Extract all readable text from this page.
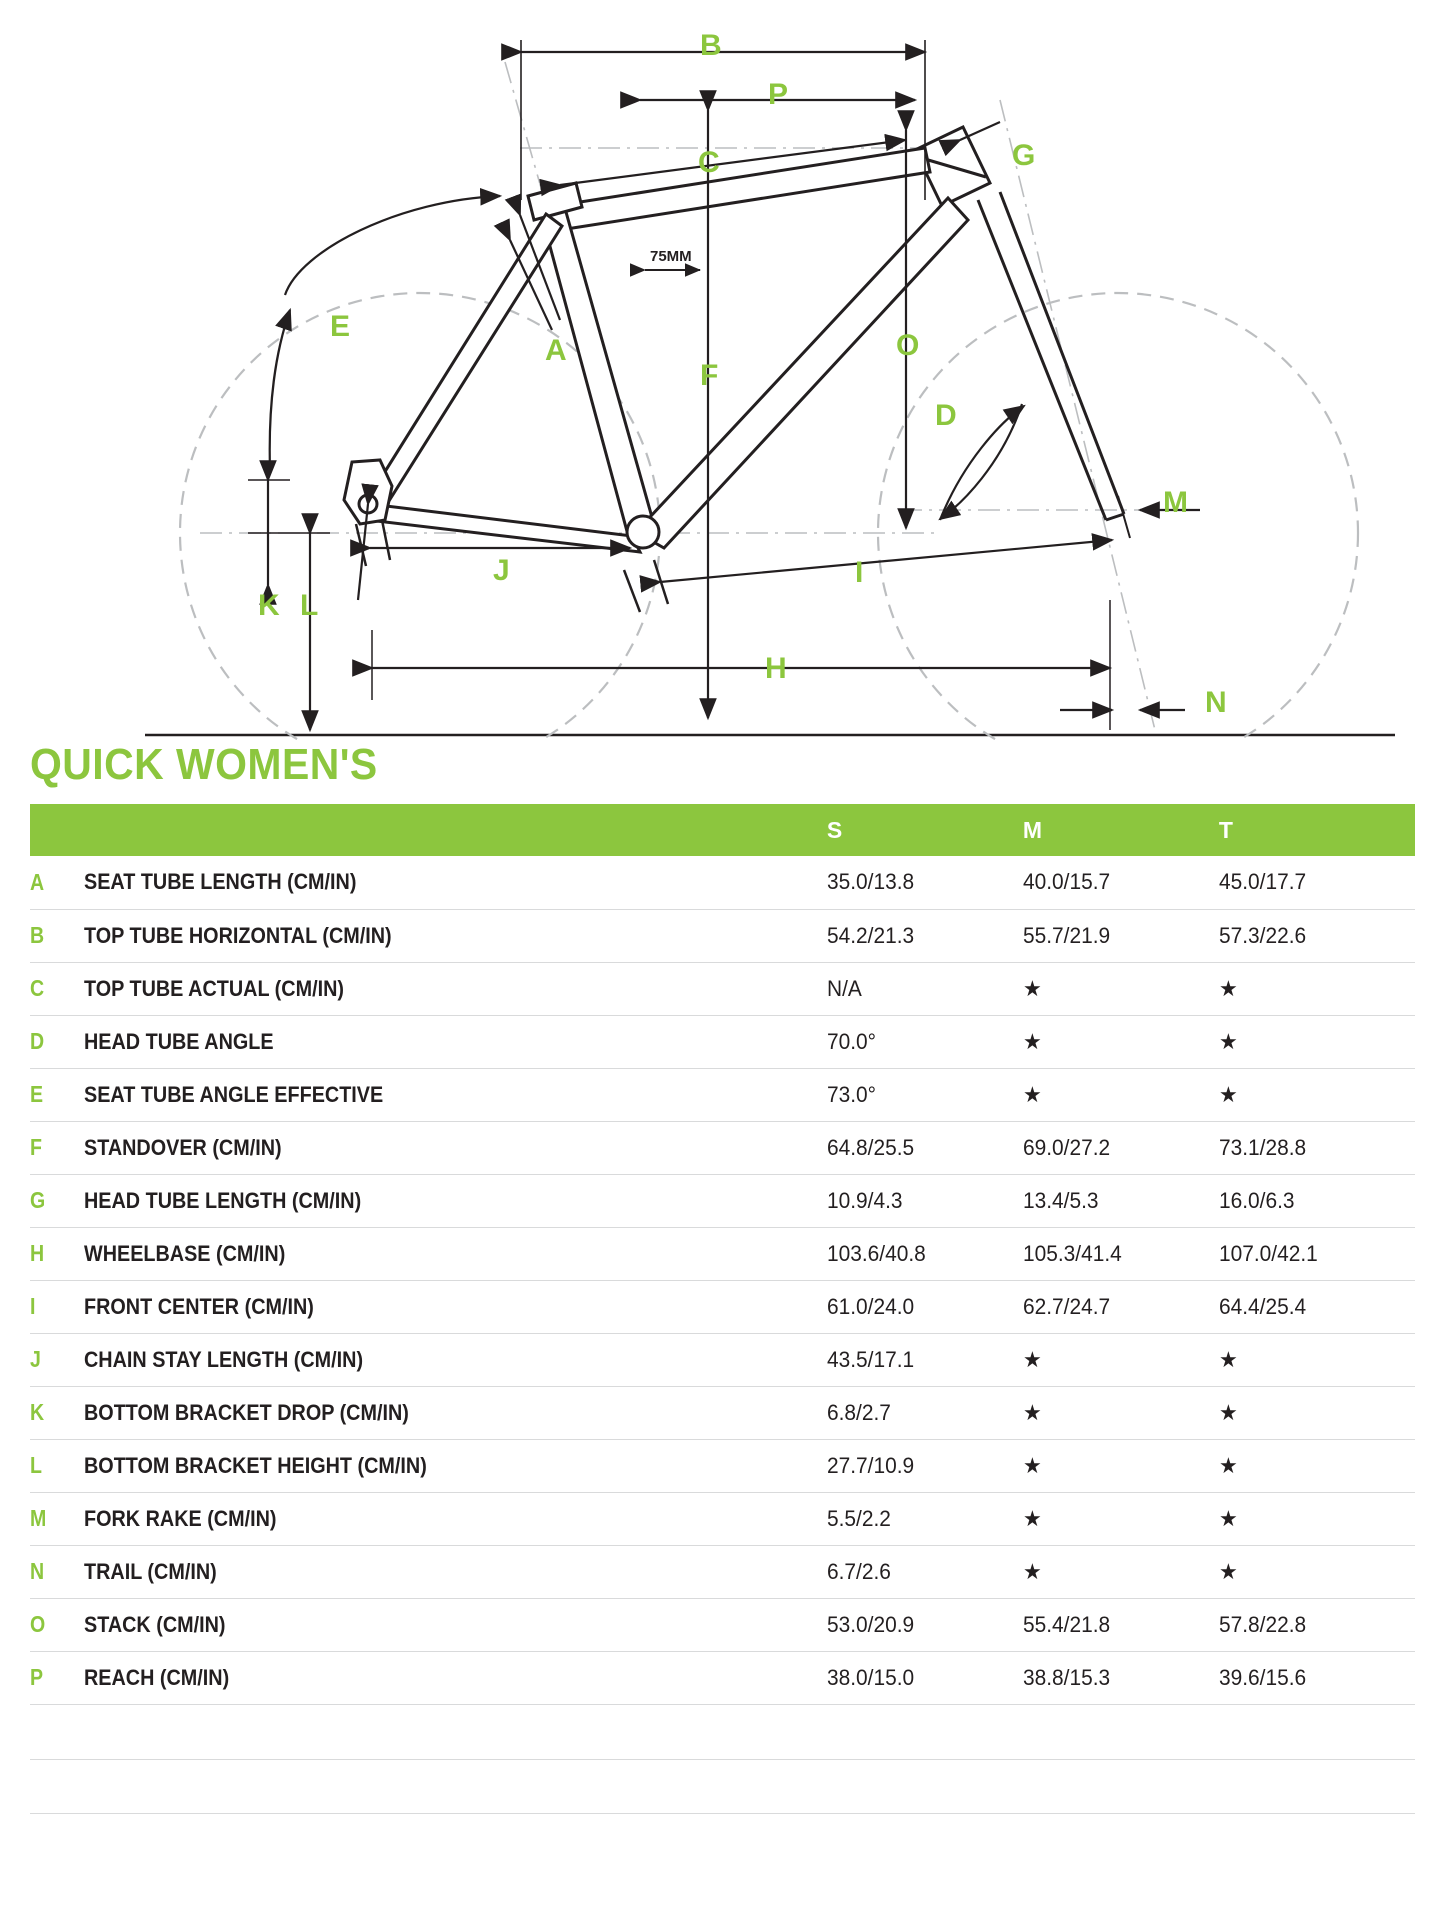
75MM
A
B
C
D
E
F
G
H
I
J
K L
M
N
O
P
QUICK WOMEN'S
		S	M	T
A	SEAT TUBE LENGTH (CM/IN)	35.0/13.8	40.0/15.7	45.0/17.7
B	TOP TUBE HORIZONTAL (CM/IN)	54.2/21.3	55.7/21.9	57.3/22.6
C	TOP TUBE ACTUAL (CM/IN)	N/A	★	★
D	HEAD TUBE ANGLE	70.0°	★	★
E	SEAT TUBE ANGLE EFFECTIVE	73.0°	★	★
F	STANDOVER (CM/IN)	64.8/25.5	69.0/27.2	73.1/28.8
G	HEAD TUBE LENGTH (CM/IN)	10.9/4.3	13.4/5.3	16.0/6.3
H	WHEELBASE (CM/IN)	103.6/40.8	105.3/41.4	107.0/42.1
I	FRONT CENTER (CM/IN)	61.0/24.0	62.7/24.7	64.4/25.4
J	CHAIN STAY LENGTH (CM/IN)	43.5/17.1	★	★
K	BOTTOM BRACKET DROP (CM/IN)	6.8/2.7	★	★
L	BOTTOM BRACKET HEIGHT (CM/IN)	27.7/10.9	★	★
M	FORK RAKE (CM/IN)	5.5/2.2	★	★
N	TRAIL (CM/IN)	6.7/2.6	★	★
O	STACK (CM/IN)	53.0/20.9	55.4/21.8	57.8/22.8
P	REACH (CM/IN)	38.0/15.0	38.8/15.3	39.6/15.6
